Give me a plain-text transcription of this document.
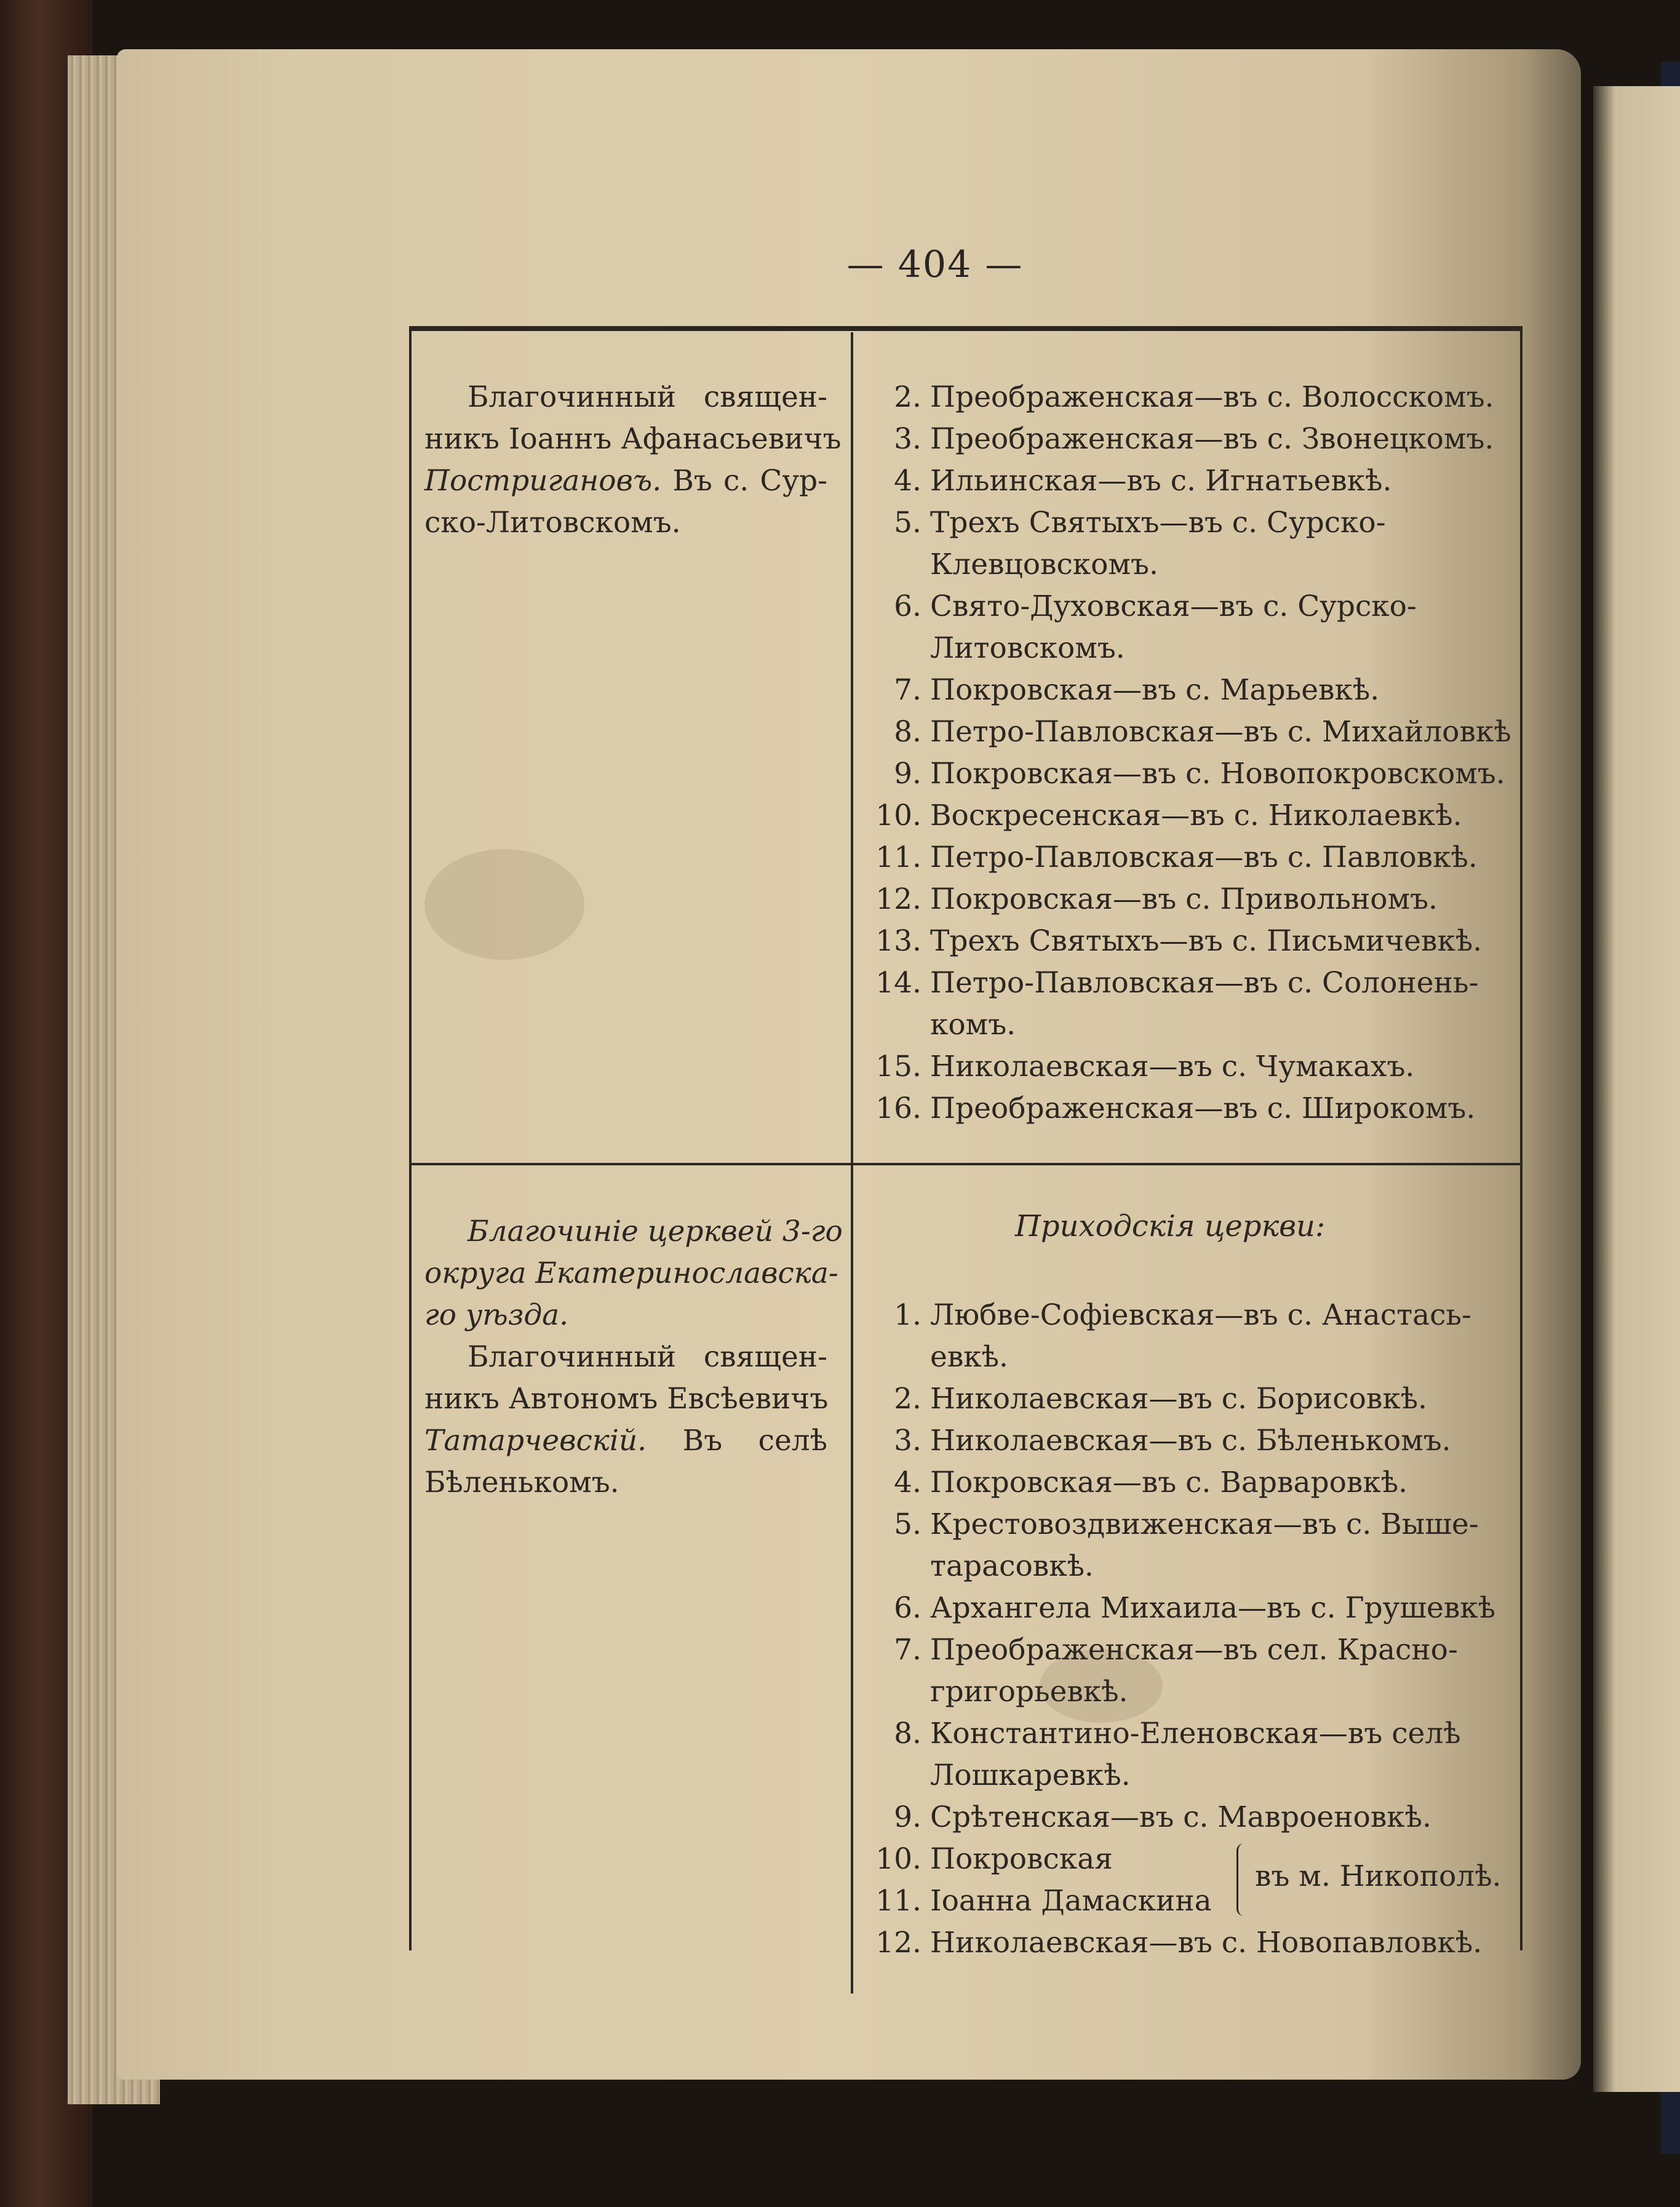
— 404 —
Благочинный священ-
никъ Іоаннъ Афанасьевичъ
Постригановъ. Въ с. Сур-
ско-Литовскомъ.
2. Преображенская—въ с. Волосскомъ.
3. Преображенская—въ с. Звонецкомъ.
4. Ильинская—въ с. Игнатьевкѣ.
5. Трехъ Святыхъ—въ с. Сурско-
Клевцовскомъ.
6. Свято-Духовская—въ с. Сурско-
Литовскомъ.
7. Покровская—въ с. Марьевкѣ.
8. Петро-Павловская—въ с. Михайловкѣ
9. Покровская—въ с. Новопокровскомъ.
10. Воскресенская—въ с. Николаевкѣ.
11. Петро-Павловская—въ с. Павловкѣ.
12. Покровская—въ с. Привольномъ.
13. Трехъ Святыхъ—въ с. Письмичевкѣ.
14. Петро-Павловская—въ с. Солонень-
комъ.
15. Николаевская—въ с. Чумакахъ.
16. Преображенская—въ с. Широкомъ.
Благочиніе церквей 3-го
округа Екатеринославска-
го уѣзда.
Благочинный священ-
никъ Автономъ Евсѣевичъ
Татарчевскій. Въ селѣ
Бѣленькомъ.
Приходскія церкви:
1. Любве-Софіевская—въ с. Анастась-
евкѣ.
2. Николаевская—въ с. Борисовкѣ.
3. Николаевская—въ с. Бѣленькомъ.
4. Покровская—въ с. Варваровкѣ.
5. Крестовоздвиженская—въ с. Выше-
тарасовкѣ.
6. Архангела Михаила—въ с. Грушевкѣ
7. Преображенская—въ сел. Красно-
григорьевкѣ.
8. Константино-Еленовская—въ селѣ
Лошкаревкѣ.
9. Срѣтенская—въ с. Мавроеновкѣ.
10. Покровская
11. Іоанна Дамаскина
въ м. Никополѣ.
12. Николаевская—въ с. Новопавловкѣ.
